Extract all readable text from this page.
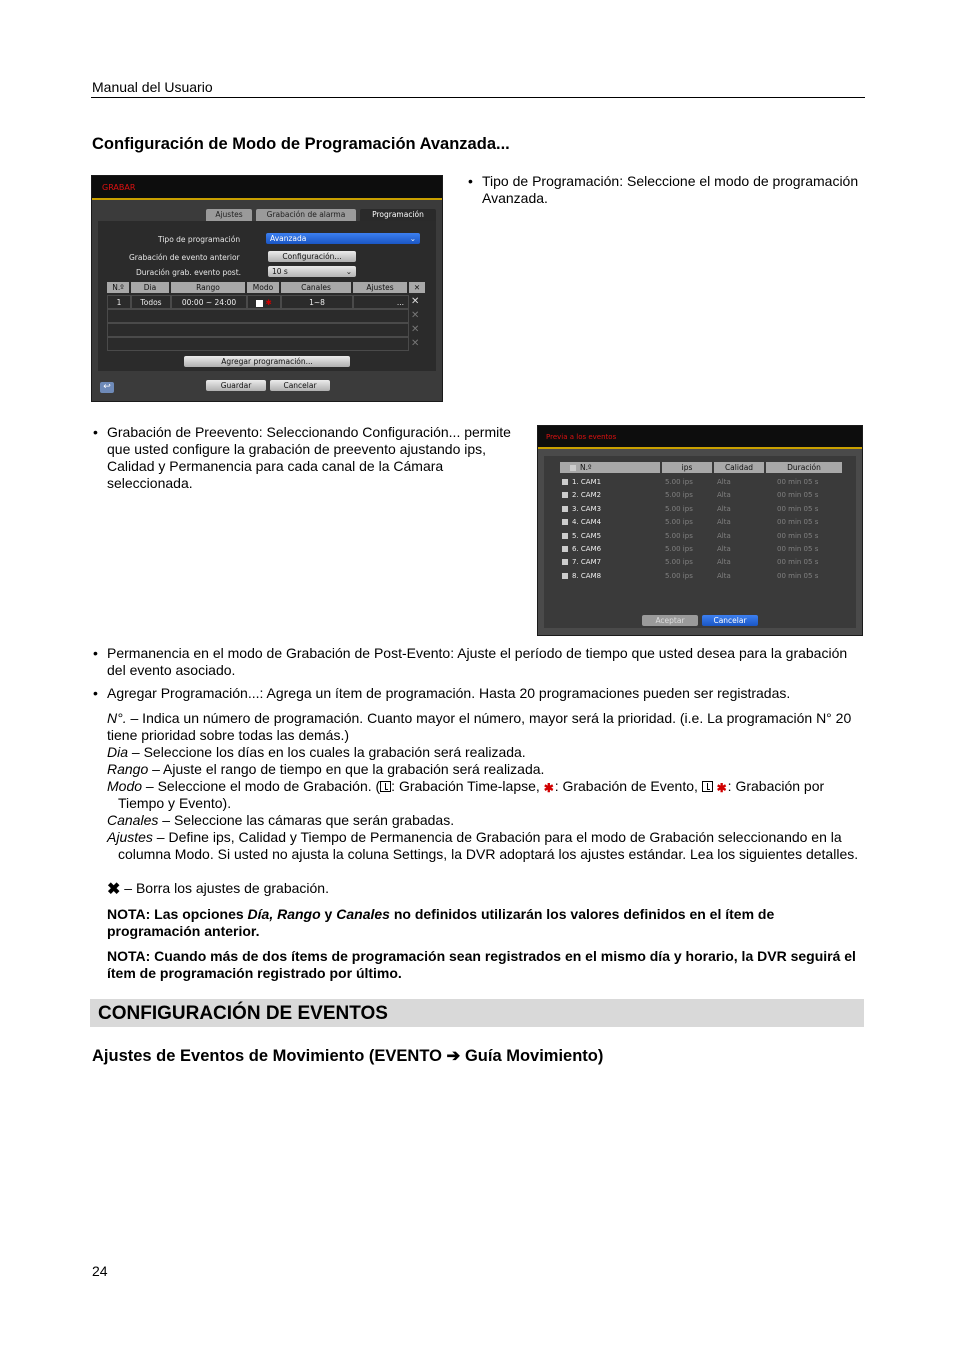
Manual del Usuario
Configuración de Modo de Programación Avanzada...
GRABAR
Ajustes	Grabación de alarma	Programación
Tipo de programación	Avanzada	⌄
Grabación de evento anterior	Configuración...
Duración grab. evento post.	10 s	⌄
N.º	Dia	Rango	Modo	Canales	Ajustes	✕
1	Todos	00:00 ~ 24:00	✱	1~8	... ✕
✕
✕
✕
Agregar programación...
↩	Guardar	Cancelar
• Tipo de Programación: Seleccione el modo de programación Avanzada.
• Grabación de Preevento: Seleccionando Configuración... permite que usted configure la grabación de preevento ajustando ips, Calidad y Permanencia para cada canal de la Cámara seleccionada.
Previa a los eventos
N.º	ips	Calidad	Duración
1. CAM1	5.00 ips	Alta	00 min 05 s
2. CAM2	5.00 ips	Alta	00 min 05 s
3. CAM3	5.00 ips	Alta	00 min 05 s
4. CAM4	5.00 ips	Alta	00 min 05 s
5. CAM5	5.00 ips	Alta	00 min 05 s
6. CAM6	5.00 ips	Alta	00 min 05 s
7. CAM7	5.00 ips	Alta	00 min 05 s
8. CAM8	5.00 ips	Alta	00 min 05 s
Aceptar	Cancelar
• Permanencia en el modo de Grabación de Post-Evento: Ajuste el período de tiempo que usted desea para la grabación del evento asociado.
• Agregar Programación...: Agrega un ítem de programación. Hasta 20 programaciones pueden ser registradas.
N°. – Indica un número de programación. Cuanto mayor el número, mayor será la prioridad. (i.e. La programación N° 20 tiene prioridad sobre todas las demás.)
Dia – Seleccione los días en los cuales la grabación será realizada.
Rango – Ajuste el rango de tiempo en que la grabación será realizada.
Modo – Seleccione el modo de Grabación. ( : Grabación Time-lapse, ✱: Grabación de Evento,  ✱: Grabación por Tiempo y Evento).
Canales – Seleccione las cámaras que serán grabadas.
Ajustes – Define ips, Calidad y Tiempo de Permanencia de Grabación para el modo de Grabación seleccionando en la columna Modo. Si usted no ajusta la coluna Settings, la DVR adoptará los ajustes estándar. Lea los siguientes detalles.
✖ – Borra los ajustes de grabación.
NOTA: Las opciones Día, Rango y Canales no definidos utilizarán los valores definidos en el ítem de programación anterior.
NOTA: Cuando más de dos ítems de programación sean registrados en el mismo día y horario, la DVR seguirá el ítem de programación registrado por último.
CONFIGURACIÓN DE EVENTOS
Ajustes de Eventos de Movimiento (EVENTO ➔ Guía Movimiento)
24
